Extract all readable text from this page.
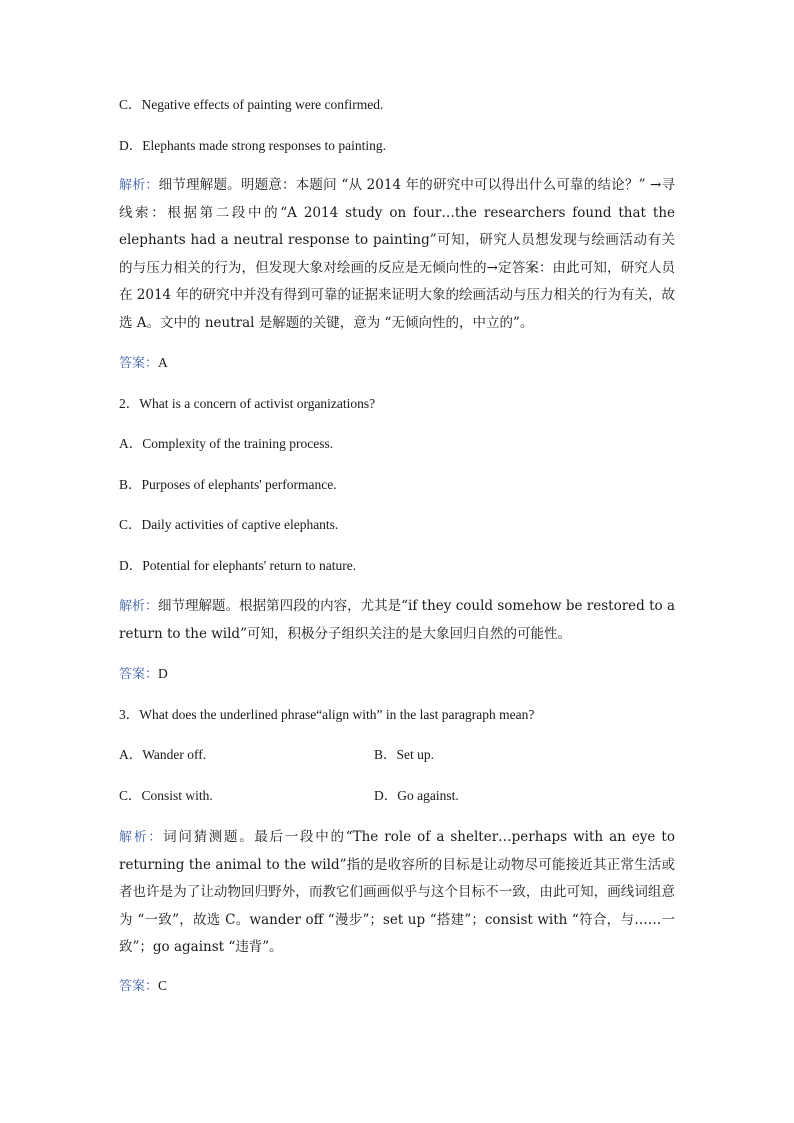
C．Negative effects of painting were confirmed.
D．Elephants made strong responses to painting.
解析：细节理解题。明题意：本题问 “从 2014 年的研究中可以得出什么可靠的结论？” →寻线索：根据第二段中的“A 2014 study on four…the researchers found that the elephants had a neutral response to painting”可知，研究人员想发现与绘画活动有关的与压力相关的行为，但发现大象对绘画的反应是无倾向性的→定答案：由此可知，研究人员在 2014 年的研究中并没有得到可靠的证据来证明大象的绘画活动与压力相关的行为有关，故选 A。文中的 neutral 是解题的关键，意为 “无倾向性的，中立的”。
答案：A
2．What is a concern of activist organizations?
A．Complexity of the training process.
B．Purposes of elephants' performance.
C．Daily activities of captive elephants.
D．Potential for elephants' return to nature.
解析：细节理解题。根据第四段的内容，尤其是“if they could somehow be restored to a return to the wild”可知，积极分子组织关注的是大象回归自然的可能性。
答案：D
3．What does the underlined phrase“align with” in the last paragraph mean?
A．Wander off.	B．Set up.
C．Consist with.	D．Go against.
解析：词问猜测题。最后一段中的“The role of a shelter…perhaps with an eye to returning the animal to the wild”指的是收容所的目标是让动物尽可能接近其正常生活或者也许是为了让动物回归野外，而教它们画画似乎与这个目标不一致，由此可知，画线词组意为 “一致”，故选 C。wander off “漫步”；set up “搭建”；consist with “符合，与……一致”；go against “违背”。
答案：C
